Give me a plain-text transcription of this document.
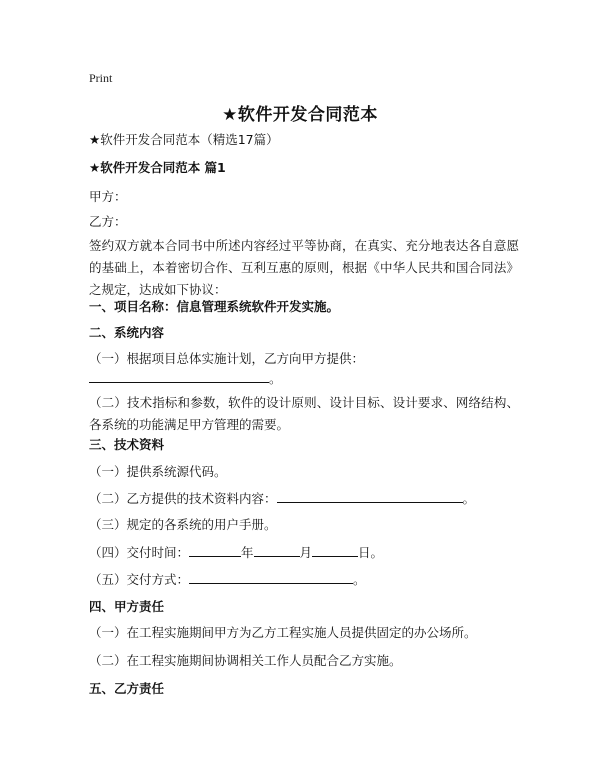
Print
★软件开发合同范本
★软件开发合同范本（精选17篇）
★软件开发合同范本 篇1
甲方：
乙方：
签约双方就本合同书中所述内容经过平等协商，在真实、充分地表达各自意愿的基础上，本着密切合作、互利互惠的原则，根据《中华人民共和国合同法》之规定，达成如下协议：
一、项目名称：信息管理系统软件开发实施。
二、系统内容
（一）根据项目总体实施计划，乙方向甲方提供：
。
（二）技术指标和参数，软件的设计原则、设计目标、设计要求、网络结构、各系统的功能满足甲方管理的需要。
三、技术资料
（一）提供系统源代码。
（二）乙方提供的技术资料内容：	。
（三）规定的各系统的用户手册。
（四）交付时间：	年	月	日。
（五）交付方式：	。
四、甲方责任
（一）在工程实施期间甲方为乙方工程实施人员提供固定的办公场所。
（二）在工程实施期间协调相关工作人员配合乙方实施。
五、乙方责任
